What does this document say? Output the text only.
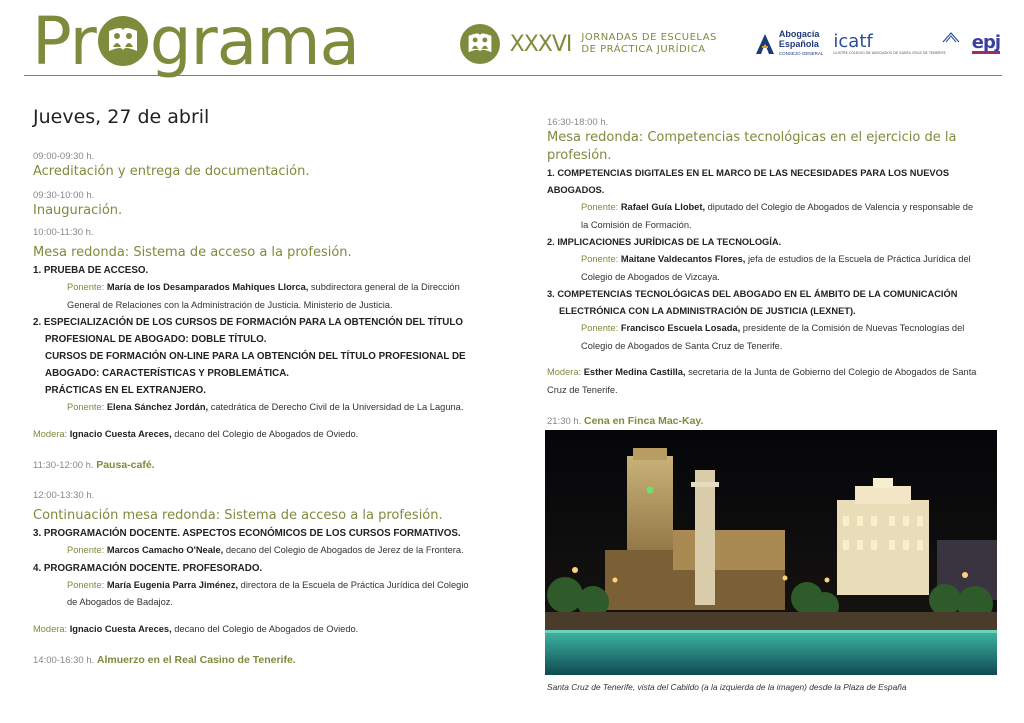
Pr grama	XXXVI JORNADAS DE ESCUELAS
DE PRÁCTICA JURÍDICA
Abogacía
Española
CONSEJO GENERAL
icatf
ILUSTRE COLEGIO DE ABOGADOS DE SANTA CRUZ DE TENERIFE
epj

Jueves, 27 de abril

09:00-09:30 h.

Acreditación y entrega de documentación.

09:30-10:00 h.

Inauguración.

10:00-11:30 h.

Mesa redonda: Sistema de acceso a la profesión.

1. PRUEBA DE ACCESO.

Ponente: María de los Desamparados Mahiques Llorca, subdirectora general de la Dirección
General de Relaciones con la Administración de Justicia. Ministerio de Justicia.

2. ESPECIALIZACIÓN DE LOS CURSOS DE FORMACIÓN PARA LA OBTENCIÓN DEL TÍTULO
PROFESIONAL DE ABOGADO: DOBLE TÍTULO.
CURSOS DE FORMACIÓN ON-LINE PARA LA OBTENCIÓN DEL TÍTULO PROFESIONAL DE
ABOGADO: CARACTERÍSTICAS Y PROBLEMÁTICA.
PRÁCTICAS EN EL EXTRANJERO.

Ponente: Elena Sánchez Jordán, catedrática de Derecho Civil de la Universidad de La Laguna.

Modera: Ignacio Cuesta Areces, decano del Colegio de Abogados de Oviedo.

11:30-12:00 h. Pausa-café.

12:00-13:30 h.

Continuación mesa redonda: Sistema de acceso a la profesión.

3. PROGRAMACIÓN DOCENTE. ASPECTOS ECONÓMICOS DE LOS CURSOS FORMATIVOS.

Ponente: Marcos Camacho O'Neale, decano del Colegio de Abogados de Jerez de la Frontera.

4. PROGRAMACIÓN DOCENTE. PROFESORADO.

Ponente: María Eugenia Parra Jiménez, directora de la Escuela de Práctica Jurídica del Colegio
de Abogados de Badajoz.

Modera: Ignacio Cuesta Areces, decano del Colegio de Abogados de Oviedo.

14:00-16:30 h. Almuerzo en el Real Casino de Tenerife.

16:30-18:00 h.

Mesa redonda: Competencias tecnológicas en el ejercicio de la profesión.

1. COMPETENCIAS DIGITALES EN EL MARCO DE LAS NECESIDADES PARA LOS NUEVOS ABOGADOS.

Ponente: Rafael Guía Llobet, diputado del Colegio de Abogados de Valencia y responsable de
la Comisión de Formación.

2. IMPLICACIONES JURÍDICAS DE LA TECNOLOGÍA.

Ponente: Maitane Valdecantos Flores, jefa de estudios de la Escuela de Práctica Jurídica del
Colegio de Abogados de Vizcaya.

3. COMPETENCIAS TECNOLÓGICAS DEL ABOGADO EN EL ÁMBITO DE LA COMUNICACIÓN
ELECTRÓNICA CON LA ADMINISTRACIÓN DE JUSTICIA (LEXNET).

Ponente: Francisco Escuela Losada, presidente de la Comisión de Nuevas Tecnologías del
Colegio de Abogados de Santa Cruz de Tenerife.

Modera: Esther Medina Castilla, secretaria de la Junta de Gobierno del Colegio de Abogados de Santa
Cruz de Tenerife.

21:30 h. Cena en Finca Mac-Kay.

Santa Cruz de Tenerife, vista del Cabildo (a la izquierda de la imagen) desde la Plaza de España
